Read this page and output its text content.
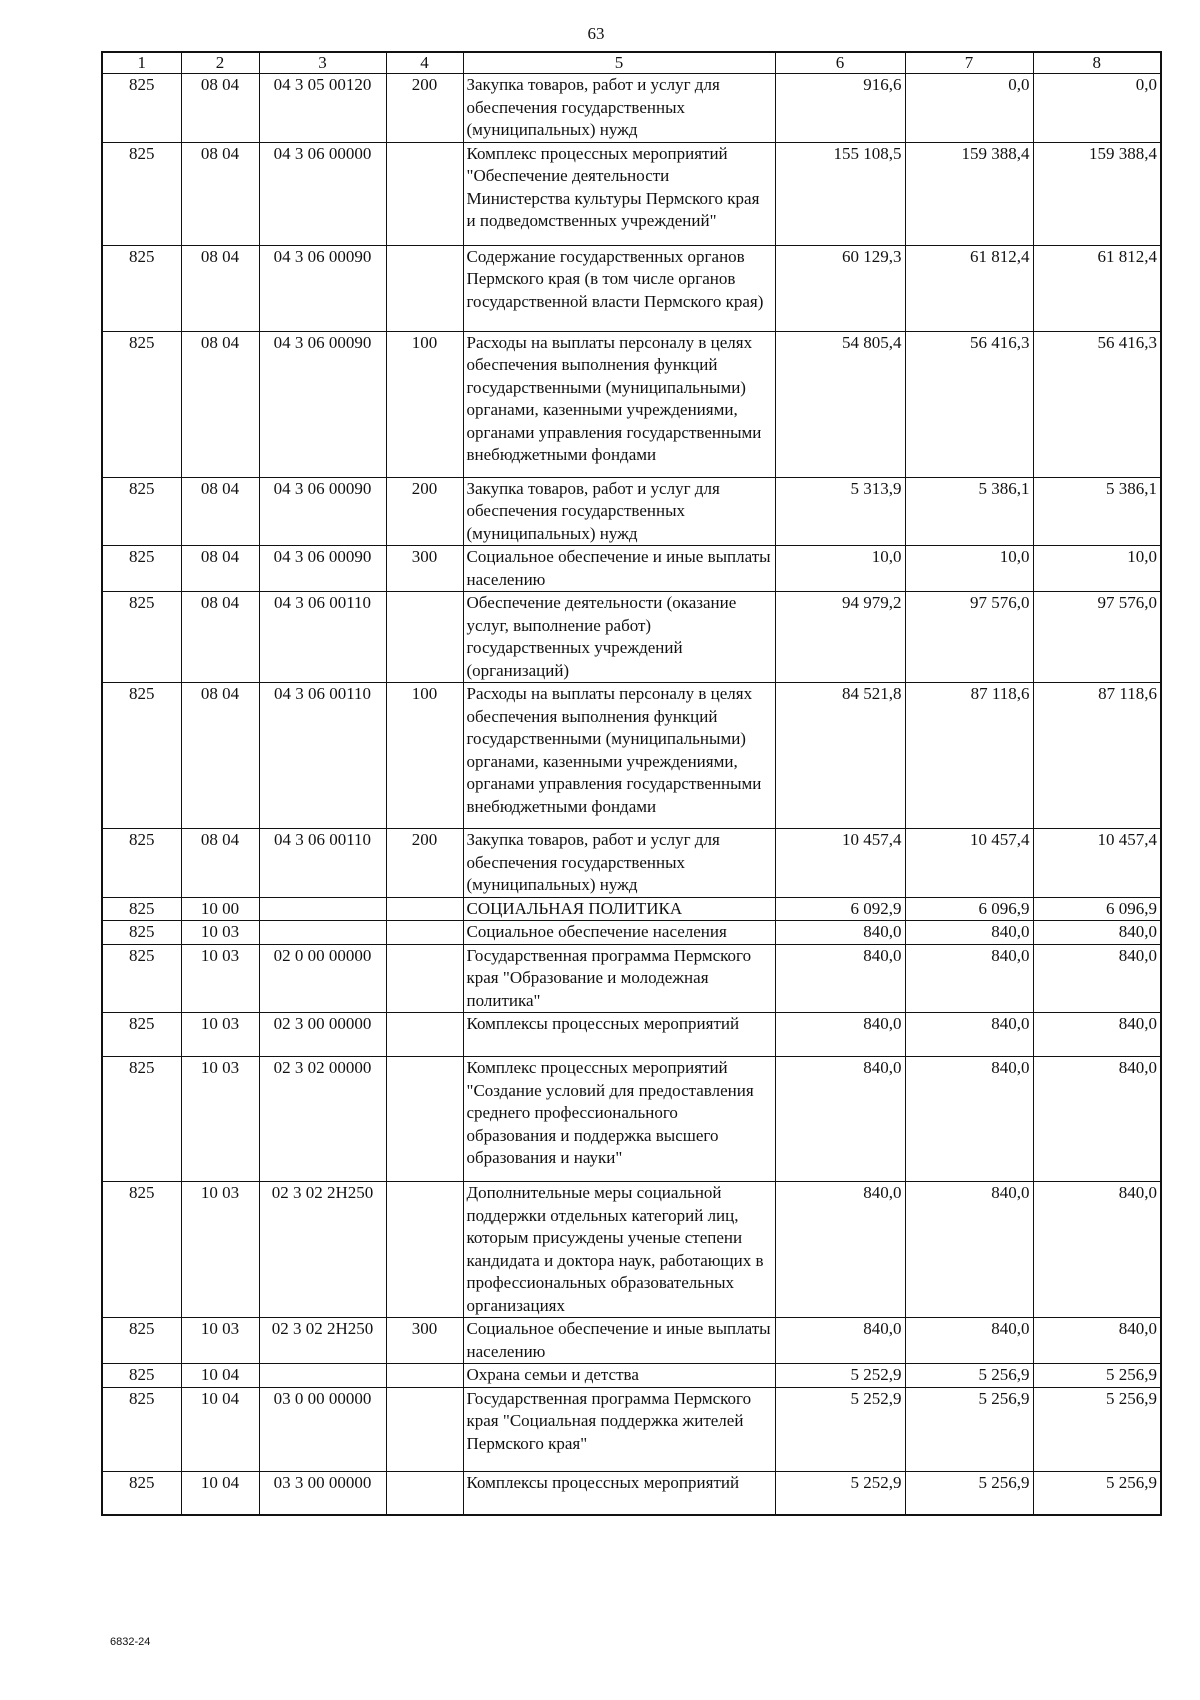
63
1	2	3	4	5	6	7	8
825	08 04	04 3 05 00120	200	Закупка товаров, работ и услуг для обеспечения государственных (муниципальных) нужд	916,6	0,0	0,0
825	08 04	04 3 06 00000		Комплекс процессных мероприятий "Обеспечение деятельности Министерства культуры Пермского края и подведомственных учреждений"	155 108,5	159 388,4	159 388,4
825	08 04	04 3 06 00090		Содержание государственных органов Пермского края (в том числе органов государственной власти Пермского края)	60 129,3	61 812,4	61 812,4
825	08 04	04 3 06 00090	100	Расходы на выплаты персоналу в целях обеспечения выполнения функций государственными (муниципальными) органами, казенными учреждениями, органами управления государственными внебюджетными фондами	54 805,4	56 416,3	56 416,3
825	08 04	04 3 06 00090	200	Закупка товаров, работ и услуг для обеспечения государственных (муниципальных) нужд	5 313,9	5 386,1	5 386,1
825	08 04	04 3 06 00090	300	Социальное обеспечение и иные выплаты населению	10,0	10,0	10,0
825	08 04	04 3 06 00110		Обеспечение деятельности (оказание услуг, выполнение работ) государственных учреждений (организаций)	94 979,2	97 576,0	97 576,0
825	08 04	04 3 06 00110	100	Расходы на выплаты персоналу в целях обеспечения выполнения функций государственными (муниципальными) органами, казенными учреждениями, органами управления государственными внебюджетными фондами	84 521,8	87 118,6	87 118,6
825	08 04	04 3 06 00110	200	Закупка товаров, работ и услуг для обеспечения государственных (муниципальных) нужд	10 457,4	10 457,4	10 457,4
825	10 00			СОЦИАЛЬНАЯ ПОЛИТИКА	6 092,9	6 096,9	6 096,9
825	10 03			Социальное обеспечение населения	840,0	840,0	840,0
825	10 03	02 0 00 00000		Государственная программа Пермского края "Образование и молодежная политика"	840,0	840,0	840,0
825	10 03	02 3 00 00000		Комплексы процессных мероприятий	840,0	840,0	840,0
825	10 03	02 3 02 00000		Комплекс процессных мероприятий "Создание условий для предоставления среднего профессионального образования и поддержка высшего образования и науки"	840,0	840,0	840,0
825	10 03	02 3 02 2Н250		Дополнительные меры социальной поддержки отдельных категорий лиц, которым присуждены ученые степени кандидата и доктора наук, работающих в профессиональных образовательных организациях	840,0	840,0	840,0
825	10 03	02 3 02 2Н250	300	Социальное обеспечение и иные выплаты населению	840,0	840,0	840,0
825	10 04			Охрана семьи и детства	5 252,9	5 256,9	5 256,9
825	10 04	03 0 00 00000		Государственная программа Пермского края "Социальная поддержка жителей Пермского края"	5 252,9	5 256,9	5 256,9
825	10 04	03 3 00 00000		Комплексы процессных мероприятий	5 252,9	5 256,9	5 256,9
6832-24
